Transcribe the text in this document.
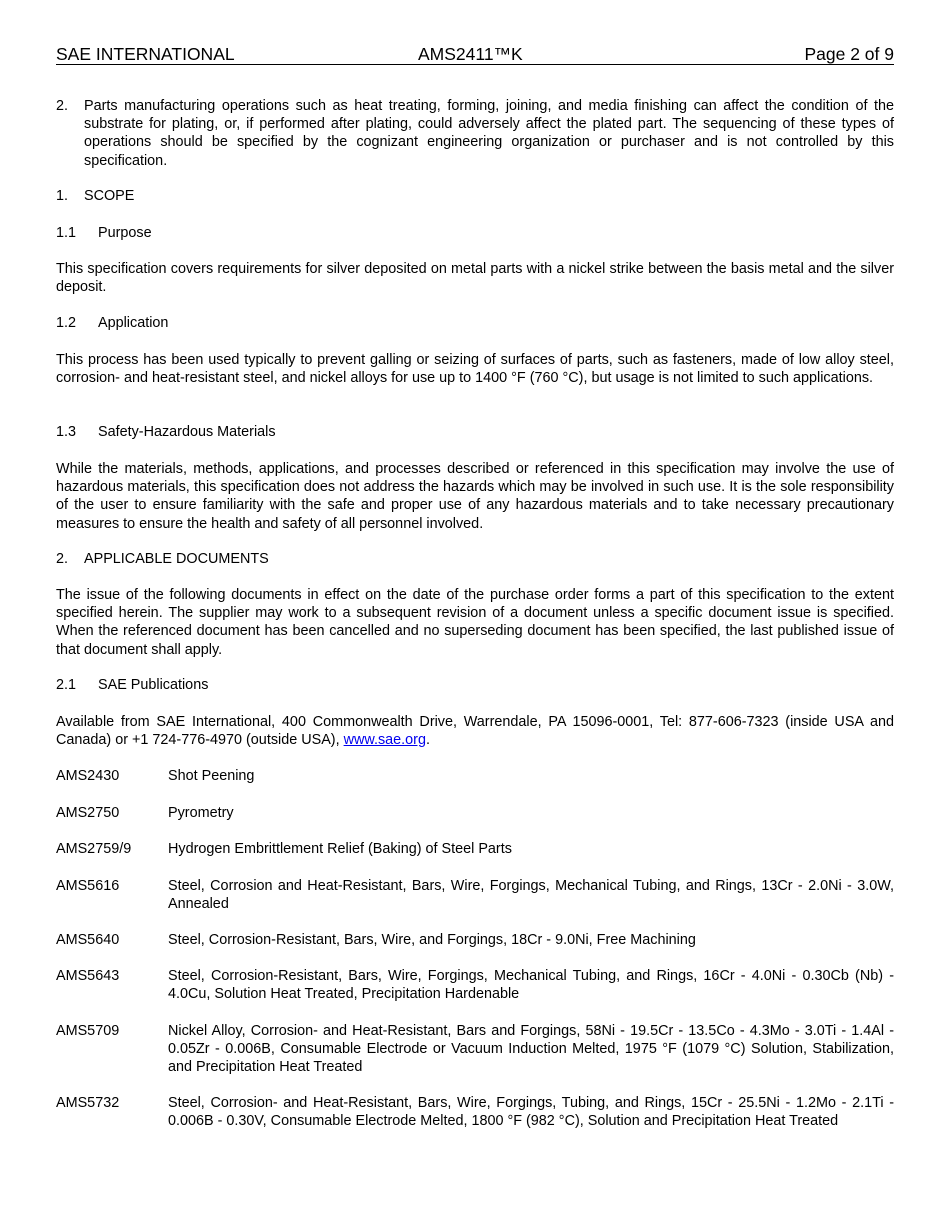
SAE INTERNATIONAL	AMS2411™K	Page 2 of 9
2. Parts manufacturing operations such as heat treating, forming, joining, and media finishing can affect the condition of the substrate for plating, or, if performed after plating, could adversely affect the plated part. The sequencing of these types of operations should be specified by the cognizant engineering organization or purchaser and is not controlled by this specification.
1. SCOPE
1.1 Purpose
This specification covers requirements for silver deposited on metal parts with a nickel strike between the basis metal and the silver deposit.
1.2 Application
This process has been used typically to prevent galling or seizing of surfaces of parts, such as fasteners, made of low alloy steel, corrosion- and heat-resistant steel, and nickel alloys for use up to 1400 °F (760 °C), but usage is not limited to such applications.
1.3 Safety-Hazardous Materials
While the materials, methods, applications, and processes described or referenced in this specification may involve the use of hazardous materials, this specification does not address the hazards which may be involved in such use. It is the sole responsibility of the user to ensure familiarity with the safe and proper use of any hazardous materials and to take necessary precautionary measures to ensure the health and safety of all personnel involved.
2. APPLICABLE DOCUMENTS
The issue of the following documents in effect on the date of the purchase order forms a part of this specification to the extent specified herein. The supplier may work to a subsequent revision of a document unless a specific document issue is specified. When the referenced document has been cancelled and no superseding document has been specified, the last published issue of that document shall apply.
2.1 SAE Publications
Available from SAE International, 400 Commonwealth Drive, Warrendale, PA 15096-0001, Tel: 877-606-7323 (inside USA and Canada) or +1 724-776-4970 (outside USA), www.sae.org.
AMS2430	Shot Peening
AMS2750	Pyrometry
AMS2759/9	Hydrogen Embrittlement Relief (Baking) of Steel Parts
AMS5616	Steel, Corrosion and Heat-Resistant, Bars, Wire, Forgings, Mechanical Tubing, and Rings, 13Cr - 2.0Ni - 3.0W, Annealed
AMS5640	Steel, Corrosion-Resistant, Bars, Wire, and Forgings, 18Cr - 9.0Ni, Free Machining
AMS5643	Steel, Corrosion-Resistant, Bars, Wire, Forgings, Mechanical Tubing, and Rings, 16Cr - 4.0Ni - 0.30Cb (Nb) - 4.0Cu, Solution Heat Treated, Precipitation Hardenable
AMS5709	Nickel Alloy, Corrosion- and Heat-Resistant, Bars and Forgings, 58Ni - 19.5Cr - 13.5Co - 4.3Mo - 3.0Ti - 1.4Al - 0.05Zr - 0.006B, Consumable Electrode or Vacuum Induction Melted, 1975 °F (1079 °C) Solution, Stabilization, and Precipitation Heat Treated
AMS5732	Steel, Corrosion- and Heat-Resistant, Bars, Wire, Forgings, Tubing, and Rings, 15Cr - 25.5Ni - 1.2Mo - 2.1Ti - 0.006B - 0.30V, Consumable Electrode Melted, 1800 °F (982 °C), Solution and Precipitation Heat Treated
